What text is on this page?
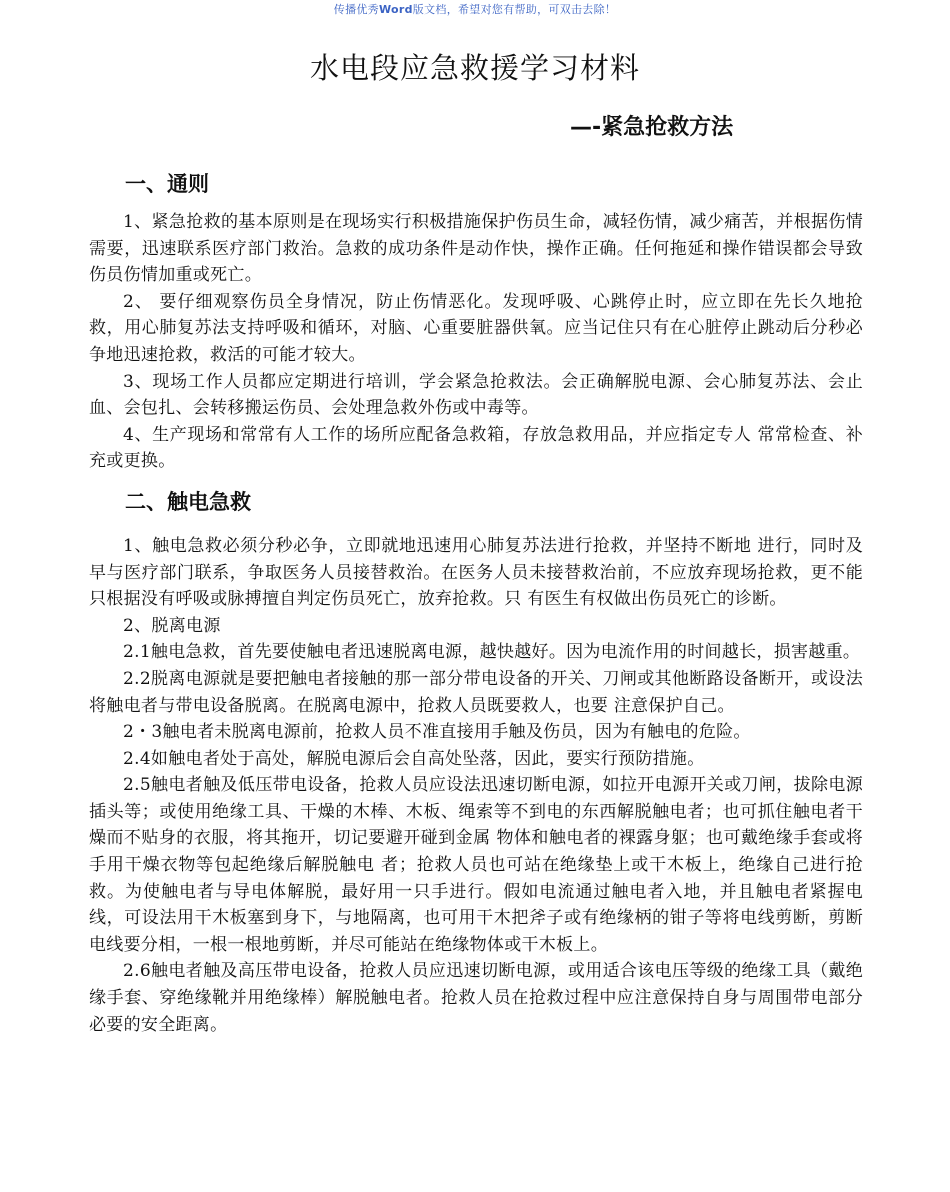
传播优秀Word版文档，希望对您有帮助，可双击去除！
水电段应急救援学习材料
—-紧急抢救方法
一、通则

1、紧急抢救的基本原则是在现场实行积极措施保护伤员生命，减轻伤情，减少痛苦，并根据伤情需要，迅速联系医疗部门救治。急救的成功条件是动作快，操作正确。任何拖延和操作错误都会导致伤员伤情加重或死亡。

2、 要仔细观察伤员全身情况，防止伤情恶化。发现呼吸、心跳停止时，应立即在先长久地抢救，用心肺复苏法支持呼吸和循环，对脑、心重要脏器供氧。应当记住只有在心脏停止跳动后分秒必争地迅速抢救，救活的可能才较大。

3、现场工作人员都应定期进行培训，学会紧急抢救法。会正确解脱电源、会心肺复苏法、会止血、会包扎、会转移搬运伤员、会处理急救外伤或中毒等。

4、生产现场和常常有人工作的场所应配备急救箱，存放急救用品，并应指定专人 常常检查、补充或更换。

二、触电急救

1、触电急救必须分秒必争，立即就地迅速用心肺复苏法进行抢救，并坚持不断地 进行，同时及早与医疗部门联系，争取医务人员接替救治。在医务人员未接替救治前，不应放弃现场抢救，更不能只根据没有呼吸或脉搏擅自判定伤员死亡，放弃抢救。只 有医生有权做出伤员死亡的诊断。

2、脱离电源

2.1触电急救，首先要使触电者迅速脱离电源，越快越好。因为电流作用的时间越长，损害越重。

2.2脱离电源就是要把触电者接触的那一部分带电设备的开关、刀闸或其他断路设备断开，或设法将触电者与带电设备脱离。在脱离电源中，抢救人员既要救人，也要 注意保护自己。

2・3触电者未脱离电源前，抢救人员不准直接用手触及伤员，因为有触电的危险。

2.4如触电者处于高处，解脱电源后会自高处坠落，因此，要实行预防措施。

2.5触电者触及低压带电设备，抢救人员应设法迅速切断电源，如拉开电源开关或刀闸，拔除电源插头等；或使用绝缘工具、干燥的木棒、木板、绳索等不到电的东西解脱触电者；也可抓住触电者干燥而不贴身的衣服，将其拖开，切记要避开碰到金属 物体和触电者的裸露身躯；也可戴绝缘手套或将手用干燥衣物等包起绝缘后解脱触电 者；抢救人员也可站在绝缘垫上或干木板上，绝缘自己进行抢救。为使触电者与导电体解脱，最好用一只手进行。假如电流通过触电者入地，并且触电者紧握电线，可设法用干木板塞到身下，与地隔离，也可用干木把斧子或有绝缘柄的钳子等将电线剪断，剪断电线要分相，一根一根地剪断，并尽可能站在绝缘物体或干木板上。

2.6触电者触及高压带电设备，抢救人员应迅速切断电源，或用适合该电压等级的绝缘工具（戴绝缘手套、穿绝缘靴并用绝缘棒）解脱触电者。抢救人员在抢救过程中应注意保持自身与周围带电部分必要的安全距离。
